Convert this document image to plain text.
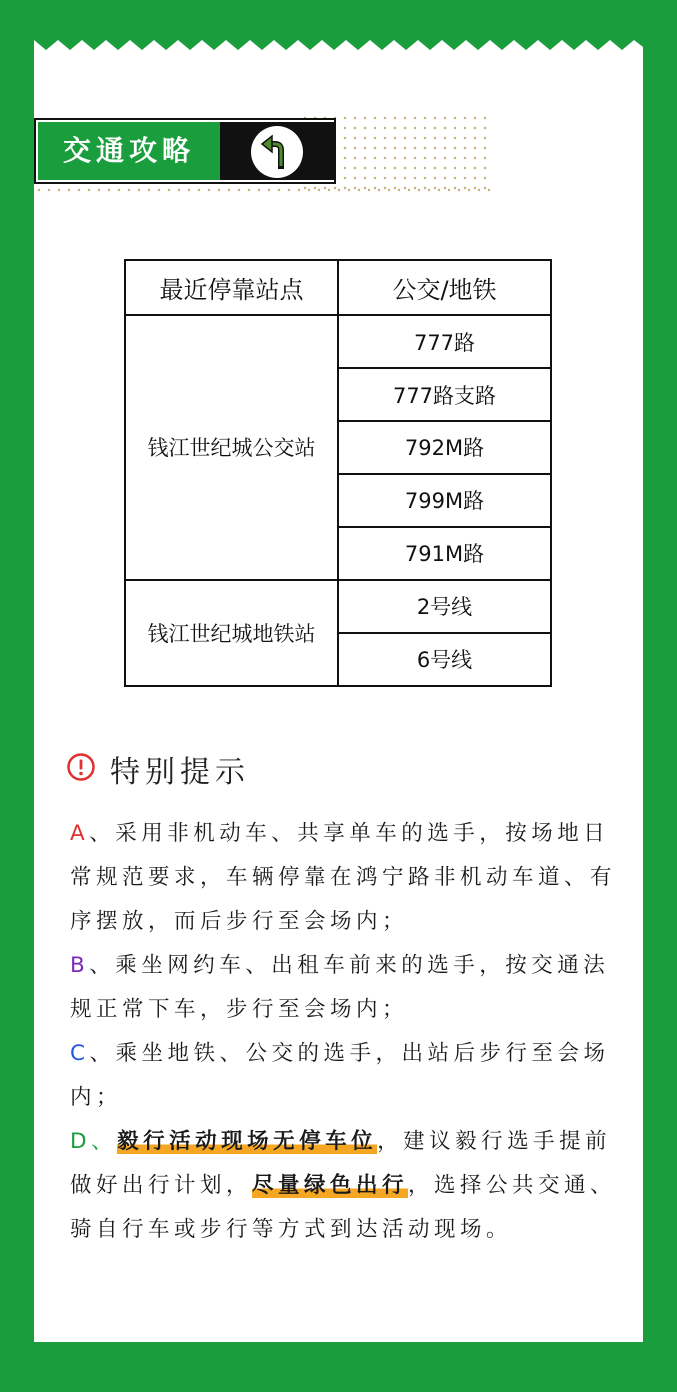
交通攻略
最近停靠站点	公交/地铁
钱江世纪城公交站	777路
	777路支路
	792M路
	799M路
	791M路
钱江世纪城地铁站	2号线
	6号线
特别提示

A、采用非机动车、共享单车的选手，按场地日常规范要求，车辆停靠在鸿宁路非机动车道、有序摆放，而后步行至会场内；

B、乘坐网约车、出租车前来的选手，按交通法规正常下车，步行至会场内；

C、乘坐地铁、公交的选手，出站后步行至会场内；

D、毅行活动现场无停车位，建议毅行选手提前做好出行计划，尽量绿色出行，选择公共交通、骑自行车或步行等方式到达活动现场。
